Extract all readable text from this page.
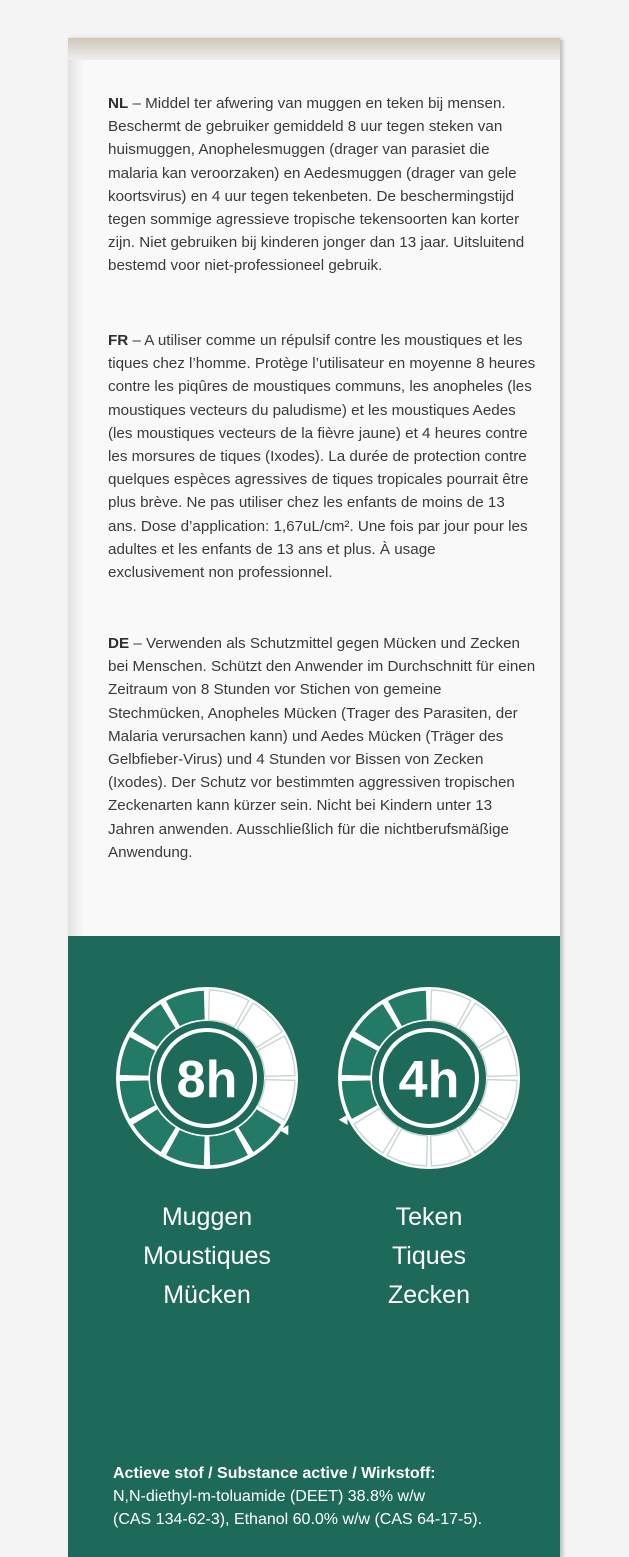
NL – Middel ter afwering van muggen en teken bij mensen. Beschermt de gebruiker gemiddeld 8 uur tegen steken van huismuggen, Anophelesmuggen (drager van parasiet die malaria kan veroorzaken) en Aedesmuggen (drager van gele koortsvirus) en 4 uur tegen tekenbeten. De beschermingstijd tegen sommige agressieve tropische tekensoorten kan korter zijn. Niet gebruiken bij kinderen jonger dan 13 jaar. Uitsluitend bestemd voor niet-professioneel gebruik.
FR – A utiliser comme un répulsif contre les moustiques et les tiques chez l’homme. Protège l’utilisateur en moyenne 8 heures contre les piqûres de moustiques communs, les anopheles (les moustiques vecteurs du paludisme) et les moustiques Aedes (les moustiques vecteurs de la fièvre jaune) et 4 heures contre les morsures de tiques (Ixodes). La durée de protection contre quelques espèces agressives de tiques tropicales pourrait être plus brève. Ne pas utiliser chez les enfants de moins de 13 ans. Dose d’application: 1,67uL/cm². Une fois par jour pour les adultes et les enfants de 13 ans et plus. À usage exclusivement non professionnel.
DE – Verwenden als Schutzmittel gegen Mücken und Zecken bei Menschen. Schützt den Anwender im Durchschnitt für einen Zeitraum von 8 Stunden vor Stichen von gemeine Stechmücken, Anopheles Mücken (Trager des Parasiten, der Malaria verursachen kann) und Aedes Mücken (Träger des Gelbfieber-Virus) und 4 Stunden vor Bissen von Zecken (Ixodes). Der Schutz vor bestimmten aggressiven tropischen Zeckenarten kann kürzer sein. Nicht bei Kindern unter 13 Jahren anwenden. Ausschließlich für die nichtberufsmäßige Anwendung.
8h	4h
Muggen
Moustiques
Mücken
Teken
Tiques
Zecken
Actieve stof / Substance active / Wirkstoff:
N,N-diethyl-m-toluamide (DEET) 38.8% w/w
(CAS 134-62-3), Ethanol 60.0% w/w (CAS 64-17-5).
